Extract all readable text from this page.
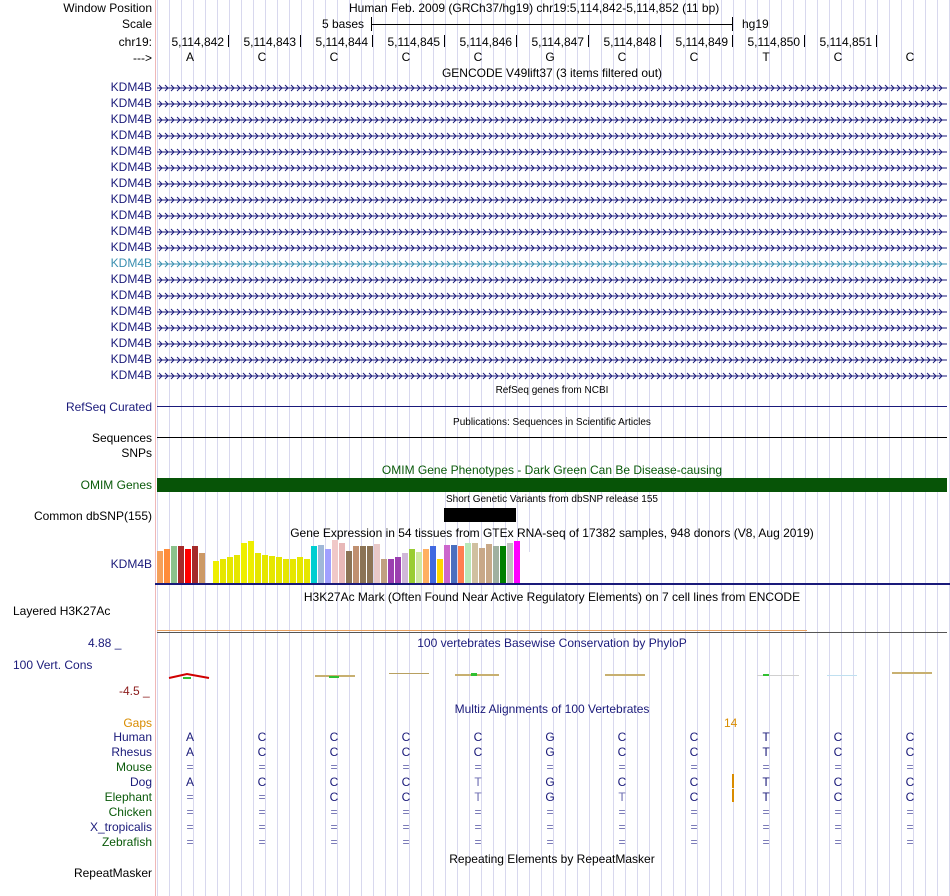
Window Position	Human Feb. 2009 (GRCh37/hg19) chr19:5,114,842-5,114,852 (11 bp)
Scale	5 bases	hg19
chr19:	5,114,842	5,114,843	5,114,844	5,114,845	5,114,846	5,114,847	5,114,848	5,114,849	5,114,850	5,114,851
--->	A	C	C	C	C	G	C	C	T	C	C
GENCODE V49lift37 (3 items filtered out)
KDM4B
KDM4B
KDM4B
KDM4B
KDM4B
KDM4B
KDM4B
KDM4B
KDM4B
KDM4B
KDM4B
KDM4B
KDM4B
KDM4B
KDM4B
KDM4B
KDM4B
KDM4B
KDM4B
RefSeq genes from NCBI
RefSeq Curated
Publications: Sequences in Scientific Articles
Sequences
SNPs
OMIM Gene Phenotypes - Dark Green Can Be Disease-causing
OMIM Genes
Short Genetic Variants from dbSNP release 155
Common dbSNP(155)
Gene Expression in 54 tissues from GTEx RNA-seq of 17382 samples, 948 donors (V8, Aug 2019)
KDM4B
H3K27Ac Mark (Often Found Near Active Regulatory Elements) on 7 cell lines from ENCODE
Layered H3K27Ac
100 vertebrates Basewise Conservation by PhyloP
4.88 _
100 Vert. Cons
-4.5 _
Multiz Alignments of 100 Vertebrates
Gaps	14
Human	A	C	C	C	C	G	C	C	T	C	C
Rhesus	A	C	C	C	C	G	C	C	T	C	C
Mouse	=	=	=	=	=	=	=	=	=	=	=
Dog	A	C	C	C	T	G	C	C	T	C	C
Elephant	=	=	C	C	T	G	T	C	T	C	C
Chicken	=	=	=	=	=	=	=	=	=	=	=
X_tropicalis	=	=	=	=	=	=	=	=	=	=	=
Zebrafish	=	=	=	=	=	=	=	=	=	=	=
Repeating Elements by RepeatMasker
RepeatMasker
